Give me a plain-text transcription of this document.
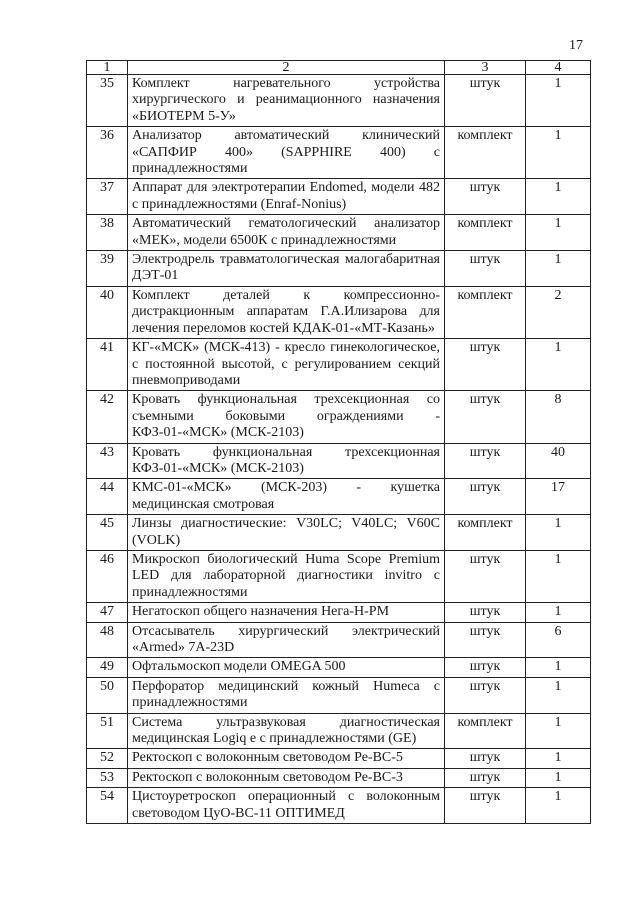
17
1	2	3	4
35	Комплект нагревательного устройства хирургического и реанимационного назначения «БИОТЕРМ 5-У»	штук	1
36	Анализатор автоматический клинический «САПФИР 400» (SAPPHIRE 400) с принадлежностями	комплект	1
37	Аппарат для электротерапии Endomed, модели 482 с принадлежностями (Enraf-Nonius)	штук	1
38	Автоматический гематологический анализатор «МЕК», модели 6500К с принадлежностями	комплект	1
39	Электродрель травматологическая малогабаритная ДЭТ-01	штук	1
40	Комплект деталей к компрессионно-дистракционным аппаратам Г.А.Илизарова для лечения переломов костей КДАК-01-«МТ-Казань»	комплект	2
41	КГ-«МСК» (МСК-413) - кресло гинекологическое, с постоянной высотой, с регулированием секций пневмоприводами	штук	1
42	Кровать функциональная трехсекционная со съемными боковыми ограждениями - КФЗ-01-«МСК» (МСК-2103)	штук	8
43	Кровать функциональная трехсекционная КФЗ-01-«МСК» (МСК-2103)	штук	40
44	КМС-01-«МСК» (МСК-203) - кушетка медицинская смотровая	штук	17
45	Линзы диагностические: V30LC; V40LC; V60C (VOLK)	комплект	1
46	Микроскоп биологический Huma Scope Premium LED для лабораторной диагностики invitro с принадлежностями	штук	1
47	Негатоскоп общего назначения Нега-Н-РМ	штук	1
48	Отсасыватель хирургический электрический «Armed» 7А-23D	штук	6
49	Офтальмоскоп модели OMEGA 500	штук	1
50	Перфоратор медицинский кожный Humeca с принадлежностями	штук	1
51	Система ультразвуковая диагностическая медицинская Logiq e с принадлежностями (GE)	комплект	1
52	Ректоскоп с волоконным световодом Ре-ВС-5	штук	1
53	Ректоскоп с волоконным световодом Ре-ВС-3	штук	1
54	Цистоуретроскоп операционный с волоконным световодом ЦуО-ВС-11 ОПТИМЕД	штук	1
